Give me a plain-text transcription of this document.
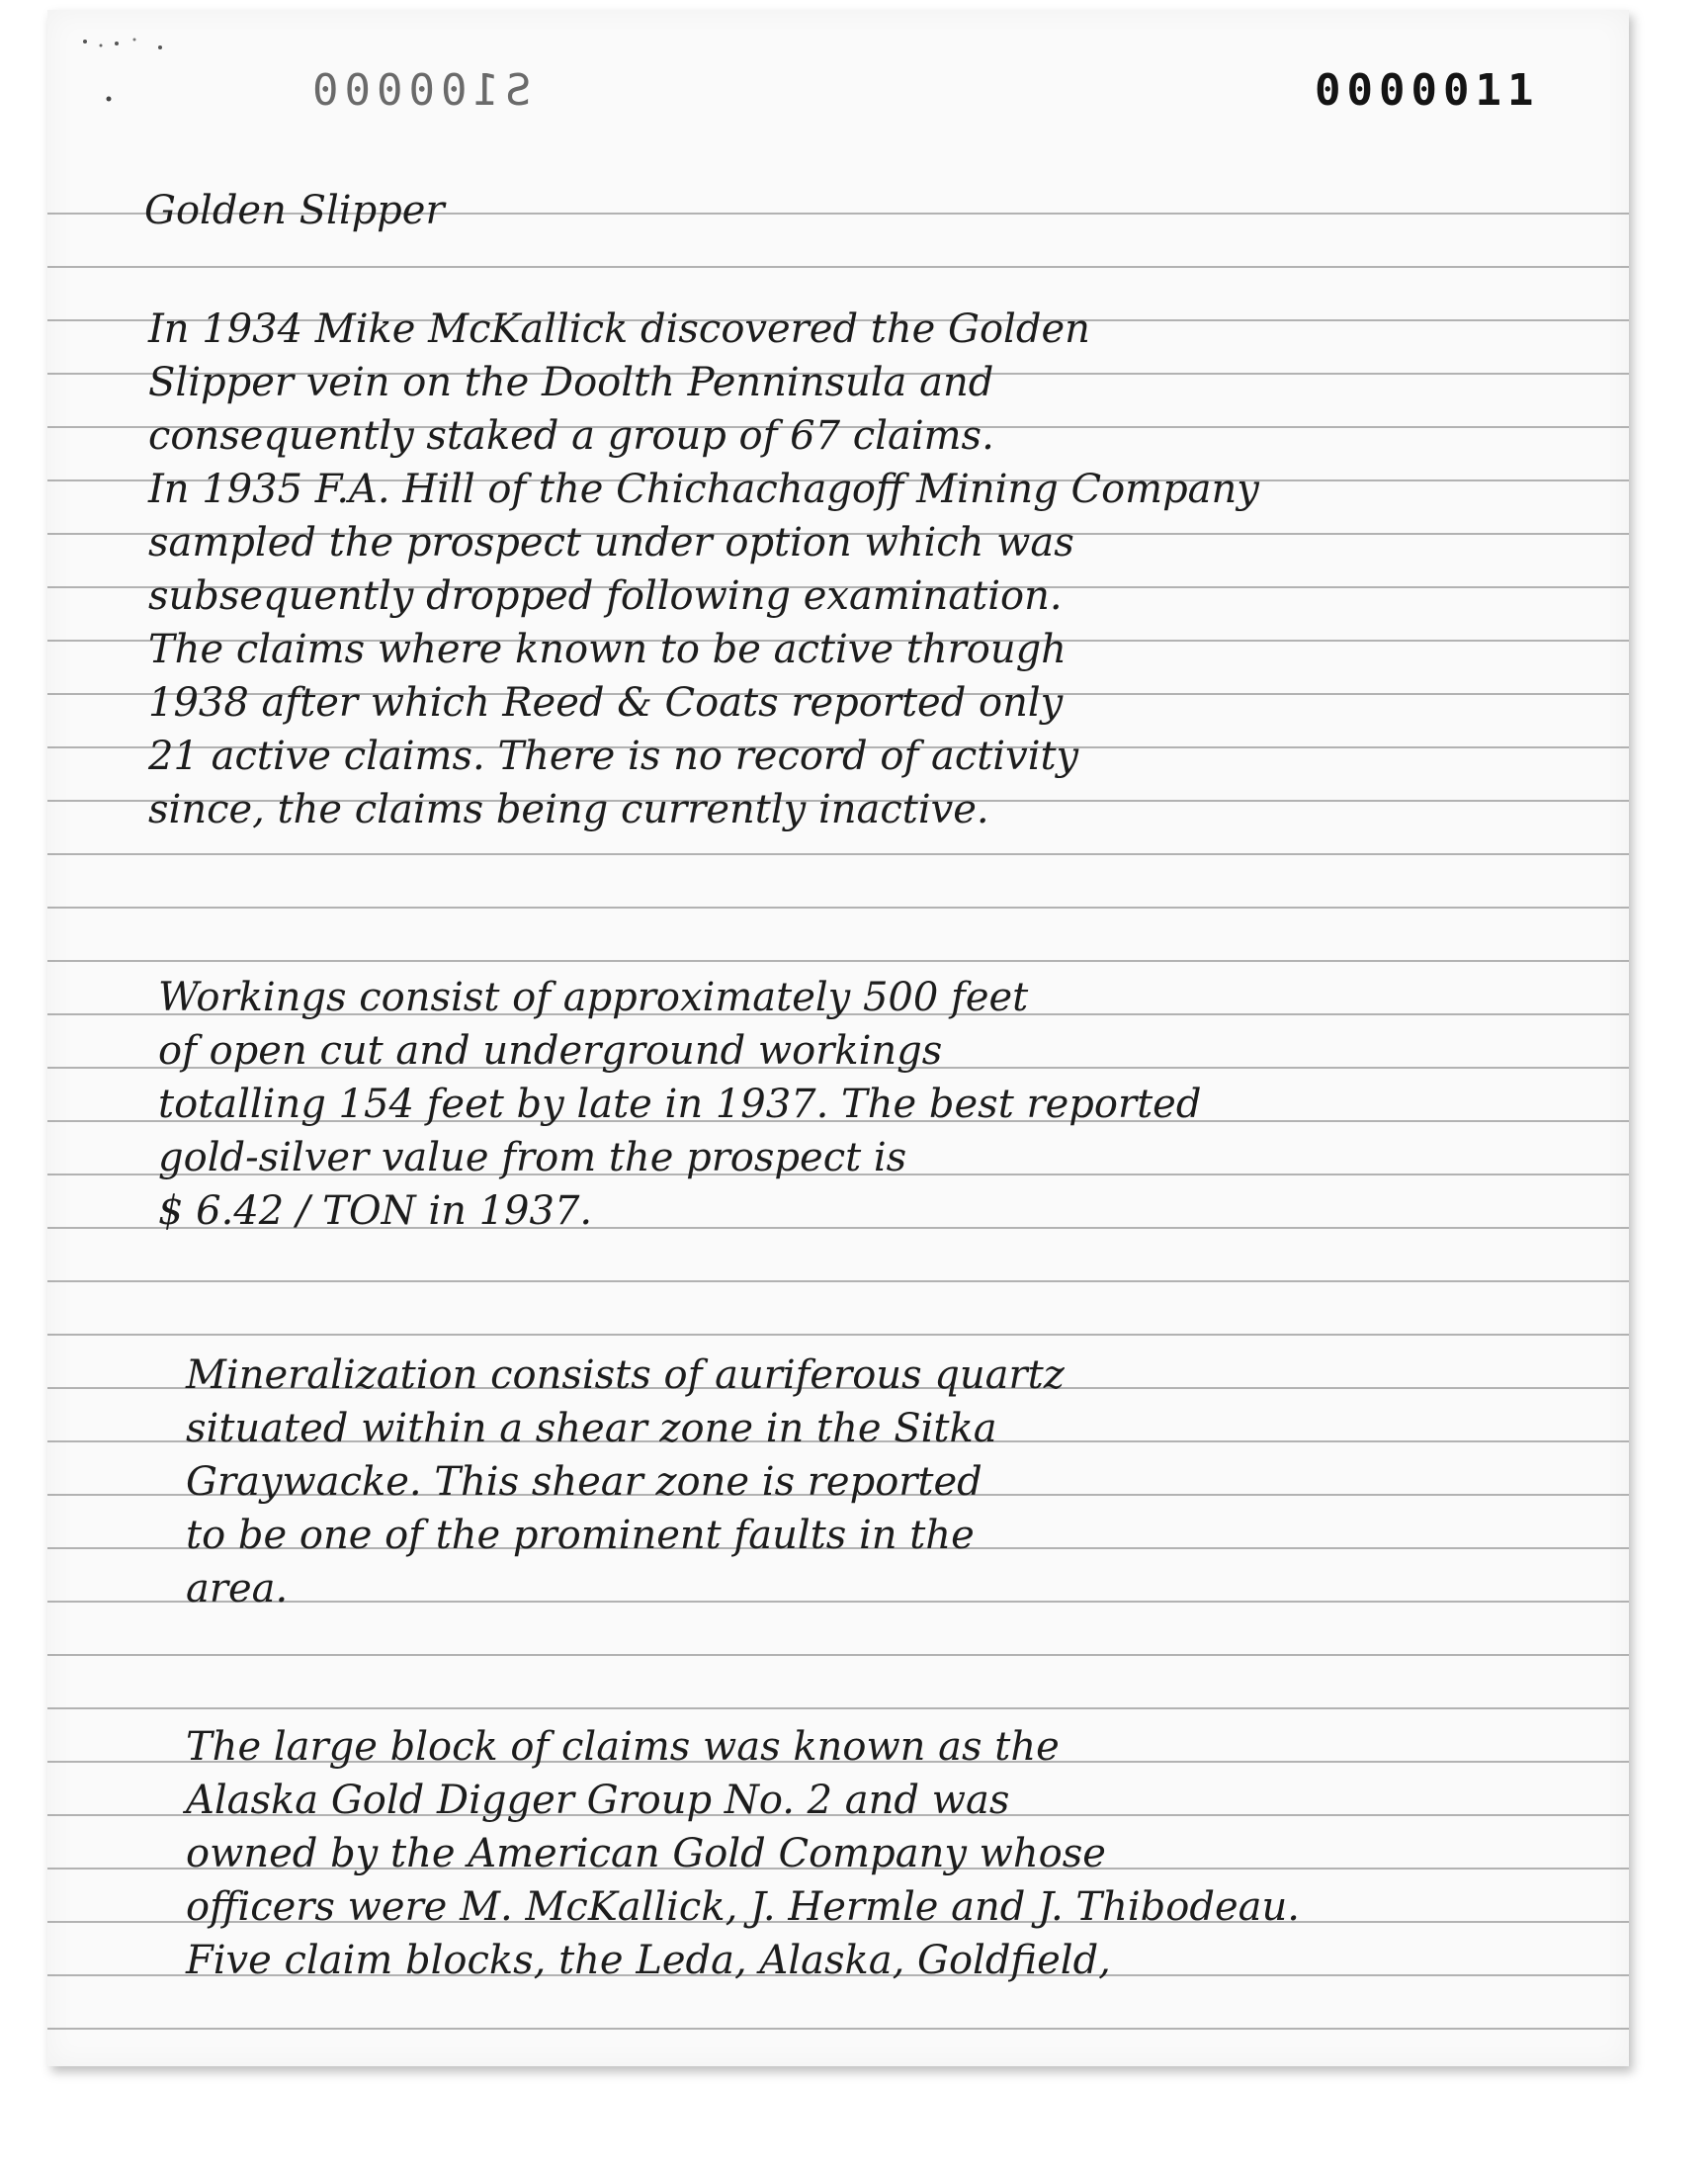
S100000	0000011
Golden Slipper
In 1934 Mike McKallick discovered the Golden
Slipper vein on the Doolth Penninsula and
consequently staked a group of 67 claims.
In 1935 F.A. Hill of the Chichachagoff Mining Company
sampled the prospect under option which was
subsequently dropped following examination.
The claims where known to be active through
1938 after which Reed & Coats reported only
21 active claims. There is no record of activity
since, the claims being currently inactive.
Workings consist of approximately 500 feet
of open cut and underground workings
totalling 154 feet by late in 1937. The best reported
gold-silver value from the prospect is
$ 6.42 / TON in 1937.
Mineralization consists of auriferous quartz
situated within a shear zone in the Sitka
Graywacke. This shear zone is reported
to be one of the prominent faults in the
area.
The large block of claims was known as the
Alaska Gold Digger Group No. 2 and was
owned by the American Gold Company whose
officers were M. McKallick, J. Hermle and J. Thibodeau.
Five claim blocks, the Leda, Alaska, Goldfield,
